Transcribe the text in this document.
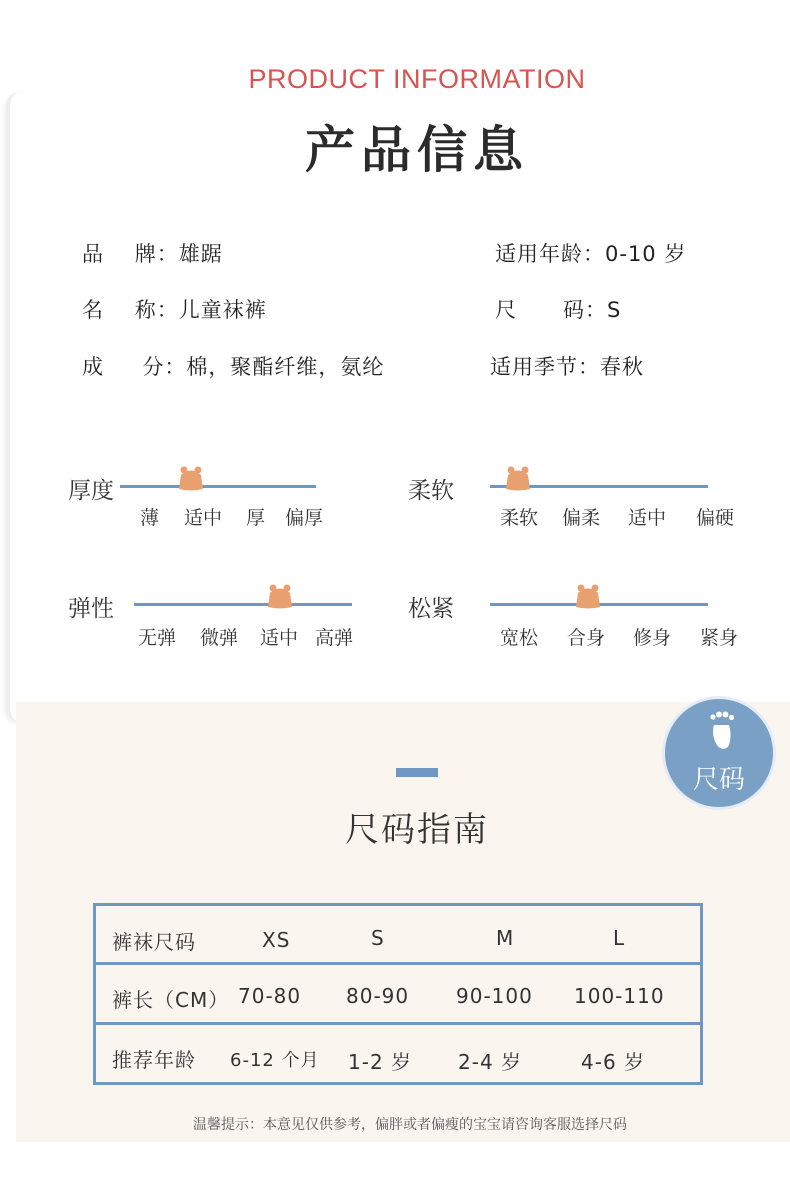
PRODUCT INFORMATION
产品信息
品    牌：雄踞
名    称：儿童袜裤
成     分：棉，聚酯纤维，氨纶
适用年龄：0-10 岁
尺      码：S
适用季节：春秋
厚度
薄 适中 厚 偏厚
柔软
柔软 偏柔 适中 偏硬
弹性
无弹 微弹 适中 高弹
松紧
宽松 合身 修身 紧身
尺码
尺码指南
裤袜尺码	XS	S	M	L
裤长（CM） 70-80 80-90 90-100 100-110
推荐年龄 6-12 个月 1-2 岁 2-4 岁	4-6 岁
温馨提示：本意见仅供参考，偏胖或者偏瘦的宝宝请咨询客服选择尺码
